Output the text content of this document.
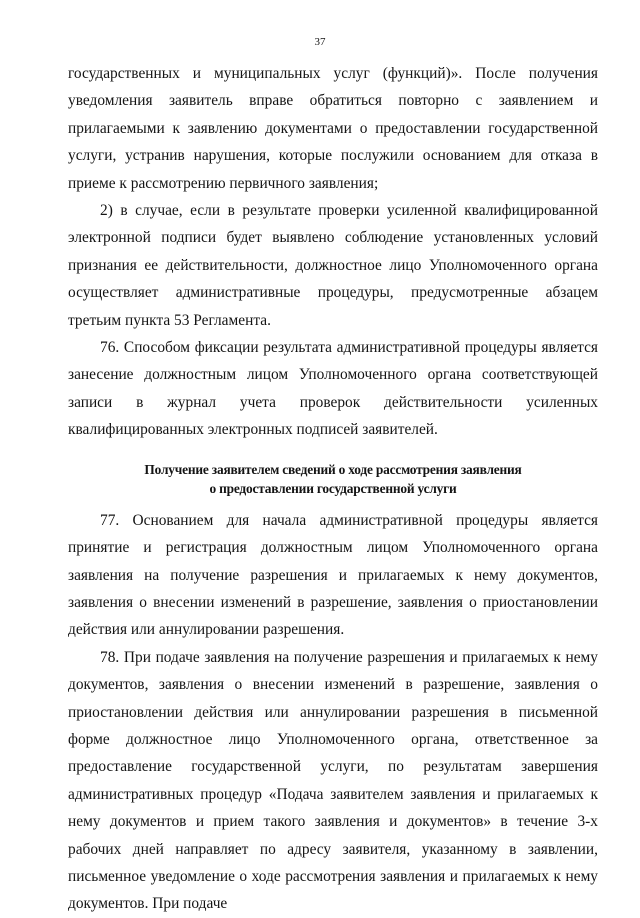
37

государственных и муниципальных услуг (функций)». После получения уведомления заявитель вправе обратиться повторно с заявлением и прилагаемыми к заявлению документами о предоставлении государственной услуги, устранив нарушения, которые послужили основанием для отказа в приеме к рассмотрению первичного заявления;

2) в случае, если в результате проверки усиленной квалифицированной электронной подписи будет выявлено соблюдение установленных условий признания ее действительности, должностное лицо Уполномоченного органа осуществляет административные процедуры, предусмотренные абзацем третьим пункта 53 Регламента.

76. Способом фиксации результата административной процедуры является занесение должностным лицом Уполномоченного органа соответствующей записи в журнал учета проверок действительности усиленных квалифицированных электронных подписей заявителей.

Получение заявителем сведений о ходе рассмотрения заявления
о предоставлении государственной услуги

77. Основанием для начала административной процедуры является принятие и регистрация должностным лицом Уполномоченного органа заявления на получение разрешения и прилагаемых к нему документов, заявления о внесении изменений в разрешение, заявления о приостановлении действия или аннулировании разрешения.

78. При подаче заявления на получение разрешения и прилагаемых к нему документов, заявления о внесении изменений в разрешение, заявления о приостановлении действия или аннулировании разрешения в письменной форме должностное лицо Уполномоченного органа, ответственное за предоставление государственной услуги, по результатам завершения административных процедур «Подача заявителем заявления и прилагаемых к нему документов и прием такого заявления и документов» в течение 3-х рабочих дней направляет по адресу заявителя, указанному в заявлении, письменное уведомление о ходе рассмотрения заявления и прилагаемых к нему документов. При подаче
